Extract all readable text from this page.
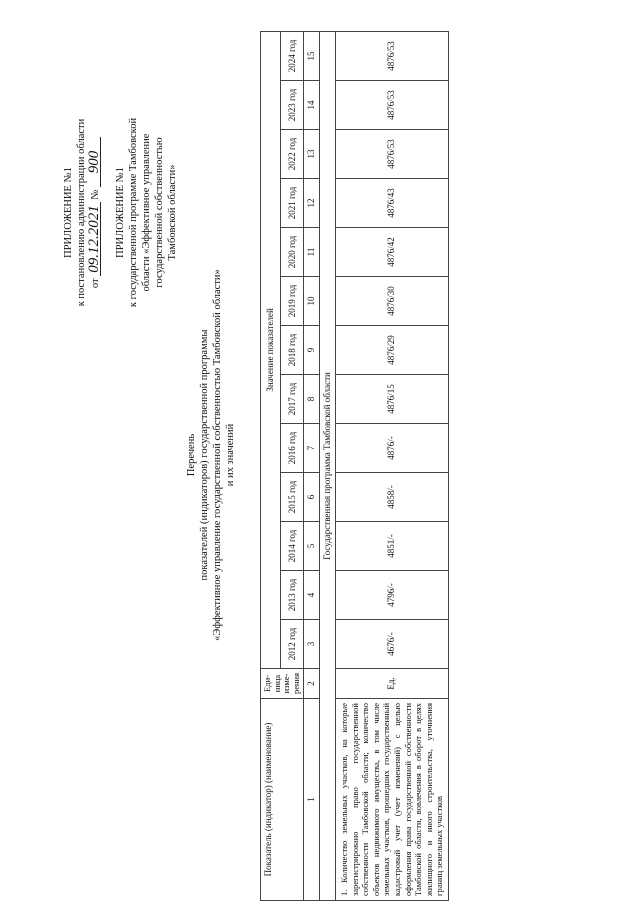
ПРИЛОЖЕНИЕ №1 к постановлению администрации области от 09.12.2021 № 900
ПРИЛОЖЕНИЕ №1 к государственной программе Тамбовской области «Эффективное управление государственной собственностью Тамбовской области»
Перечень показателей (индикаторов) государственной программы «Эффективное управление государственной собственностью Тамбовской области» и их значений
Показатель (индикатор) (наименование)	Еди-ница изме-рения	Значение показателей												
		2012 год	2013 год	2014 год	2015 год	2016 год	2017 год	2018 год	2019 год	2020 год	2021 год	2022 год	2023 год	2024 год
1	2	3	4	5	6	7	8	9	10	11	12	13	14	15
Государственная программа Тамбовской области														
1. Количество земельных участков, на которые зарегистрировано право государственной собственности Тамбовской области; количество объектов недвижимого имущества, в том числе земельных участков, прошедших государственный кадастровый учет (учет изменений) с целью оформления права государственной собственности Тамбовской области, вовлечения в оборот в целях жилищного и иного строительства, уточнения границ земельных участков	Ед.	4676/-	4796/-	4851/-	4858/-	4876/-	4876/15	4876/29	4876/30	4876/42	4876/43	4876/53	4876/53	4876/53
